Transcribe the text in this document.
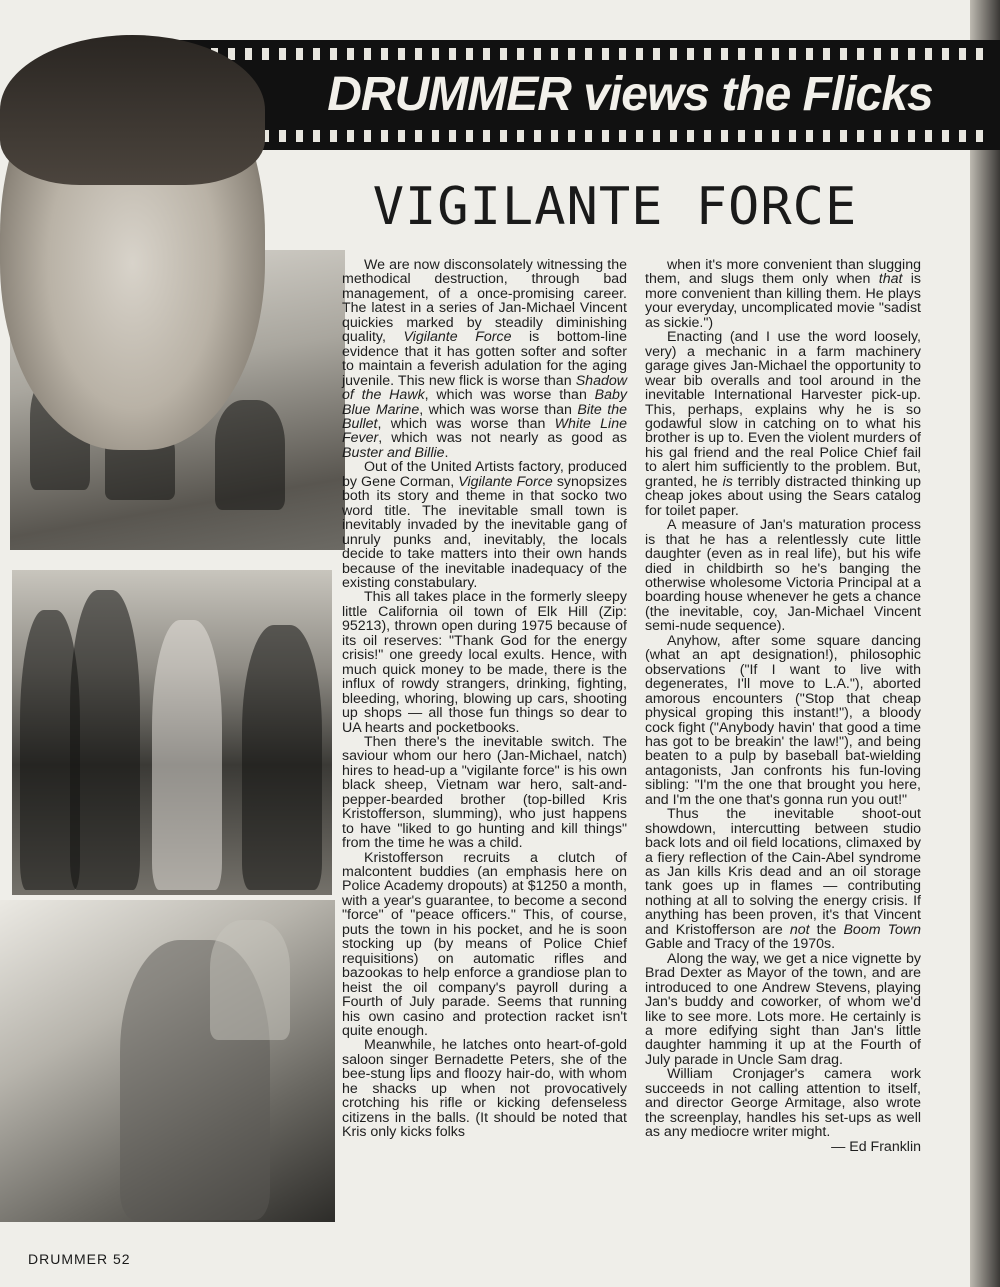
DRUMMER views the Flicks
VIGILANTE FORCE

We are now disconsolately witnessing the methodical destruction, through bad management, of a once-promising career. The latest in a series of Jan-Michael Vincent quickies marked by steadily diminishing quality, Vigilante Force is bottom-line evidence that it has gotten softer and softer to maintain a feverish adulation for the aging juvenile. This new flick is worse than Shadow of the Hawk, which was worse than Baby Blue Marine, which was worse than Bite the Bullet, which was worse than White Line Fever, which was not nearly as good as Buster and Billie.

Out of the United Artists factory, produced by Gene Corman, Vigilante Force synopsizes both its story and theme in that socko two word title. The inevitable small town is inevitably invaded by the inevitable gang of unruly punks and, inevitably, the locals decide to take matters into their own hands because of the inevitable inadequacy of the existing constabulary.

This all takes place in the formerly sleepy little California oil town of Elk Hill (Zip: 95213), thrown open during 1975 because of its oil reserves: "Thank God for the energy crisis!" one greedy local exults. Hence, with much quick money to be made, there is the influx of rowdy strangers, drinking, fighting, bleeding, whoring, blowing up cars, shooting up shops — all those fun things so dear to UA hearts and pocketbooks.

Then there's the inevitable switch. The saviour whom our hero (Jan-Michael, natch) hires to head-up a "vigilante force" is his own black sheep, Vietnam war hero, salt-and-pepper-bearded brother (top-billed Kris Kristofferson, slumming), who just happens to have "liked to go hunting and kill things" from the time he was a child.

Kristofferson recruits a clutch of malcontent buddies (an emphasis here on Police Academy dropouts) at $1250 a month, with a year's guarantee, to become a second "force" of "peace officers." This, of course, puts the town in his pocket, and he is soon stocking up (by means of Police Chief requisitions) on automatic rifles and bazookas to help enforce a grandiose plan to heist the oil company's payroll during a Fourth of July parade. Seems that running his own casino and protection racket isn't quite enough.

Meanwhile, he latches onto heart-of-gold saloon singer Bernadette Peters, she of the bee-stung lips and floozy hair-do, with whom he shacks up when not provocatively crotching his rifle or kicking defenseless citizens in the balls. (It should be noted that Kris only kicks folks

when it's more convenient than slugging them, and slugs them only when that is more convenient than killing them. He plays your everyday, uncomplicated movie "sadist as sickie.")

Enacting (and I use the word loosely, very) a mechanic in a farm machinery garage gives Jan-Michael the opportunity to wear bib overalls and tool around in the inevitable International Harvester pick-up. This, perhaps, explains why he is so godawful slow in catching on to what his brother is up to. Even the violent murders of his gal friend and the real Police Chief fail to alert him sufficiently to the problem. But, granted, he is terribly distracted thinking up cheap jokes about using the Sears catalog for toilet paper.

A measure of Jan's maturation process is that he has a relentlessly cute little daughter (even as in real life), but his wife died in childbirth so he's banging the otherwise wholesome Victoria Principal at a boarding house whenever he gets a chance (the inevitable, coy, Jan-Michael Vincent semi-nude sequence).

Anyhow, after some square dancing (what an apt designation!), philosophic observations ("If I want to live with degenerates, I'll move to L.A."), aborted amorous encounters ("Stop that cheap physical groping this instant!"), a bloody cock fight ("Anybody havin' that good a time has got to be breakin' the law!"), and being beaten to a pulp by baseball bat-wielding antagonists, Jan confronts his fun-loving sibling: "I'm the one that brought you here, and I'm the one that's gonna run you out!"

Thus the inevitable shoot-out showdown, intercutting between studio back lots and oil field locations, climaxed by a fiery reflection of the Cain-Abel syndrome as Jan kills Kris dead and an oil storage tank goes up in flames — contributing nothing at all to solving the energy crisis. If anything has been proven, it's that Vincent and Kristofferson are not the Boom Town Gable and Tracy of the 1970s.

Along the way, we get a nice vignette by Brad Dexter as Mayor of the town, and are introduced to one Andrew Stevens, playing Jan's buddy and coworker, of whom we'd like to see more. Lots more. He certainly is a more edifying sight than Jan's little daughter hamming it up at the Fourth of July parade in Uncle Sam drag.

William Cronjager's camera work succeeds in not calling attention to itself, and director George Armitage, also wrote the screenplay, handles his set-ups as well as any mediocre writer might.

— Ed Franklin

DRUMMER 52
